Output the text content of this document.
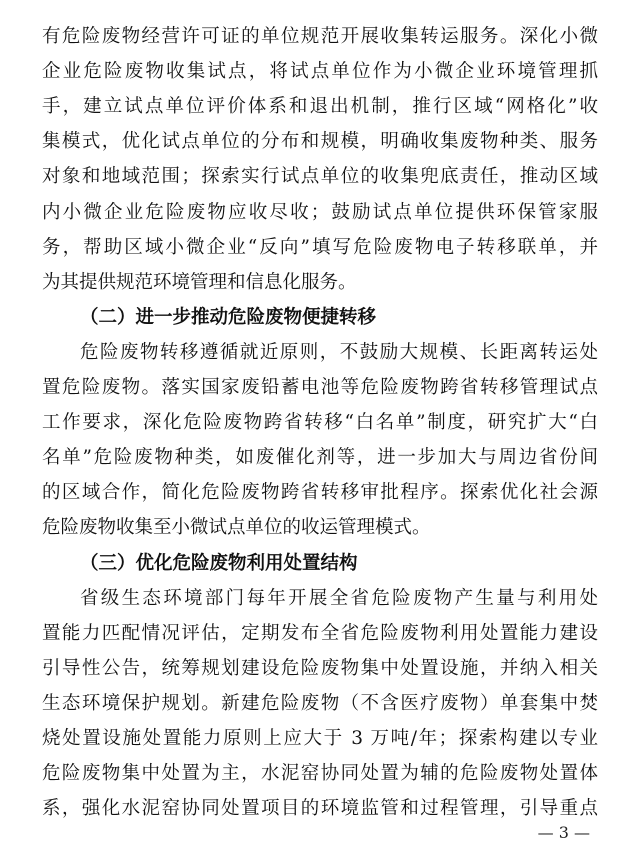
有危险废物经营许可证的单位规范开展收集转运服务。深化小微
企业危险废物收集试点，将试点单位作为小微企业环境管理抓
手，建立试点单位评价体系和退出机制，推行区域“网格化”收
集模式，优化试点单位的分布和规模，明确收集废物种类、服务
对象和地域范围；探索实行试点单位的收集兜底责任，推动区域
内小微企业危险废物应收尽收；鼓励试点单位提供环保管家服
务，帮助区域小微企业“反向”填写危险废物电子转移联单，并
为其提供规范环境管理和信息化服务。
（二）进一步推动危险废物便捷转移
危险废物转移遵循就近原则，不鼓励大规模、长距离转运处
置危险废物。落实国家废铅蓄电池等危险废物跨省转移管理试点
工作要求，深化危险废物跨省转移“白名单”制度，研究扩大“白
名单”危险废物种类，如废催化剂等，进一步加大与周边省份间
的区域合作，简化危险废物跨省转移审批程序。探索优化社会源
危险废物收集至小微试点单位的收运管理模式。
（三）优化危险废物利用处置结构
省级生态环境部门每年开展全省危险废物产生量与利用处
置能力匹配情况评估，定期发布全省危险废物利用处置能力建设
引导性公告，统筹规划建设危险废物集中处置设施，并纳入相关
生态环境保护规划。新建危险废物（不含医疗废物）单套集中焚
烧处置设施处置能力原则上应大于 3 万吨/年；探索构建以专业
危险废物集中处置为主，水泥窑协同处置为辅的危险废物处置体
系，强化水泥窑协同处置项目的环境监管和过程管理，引导重点
— 3 —
